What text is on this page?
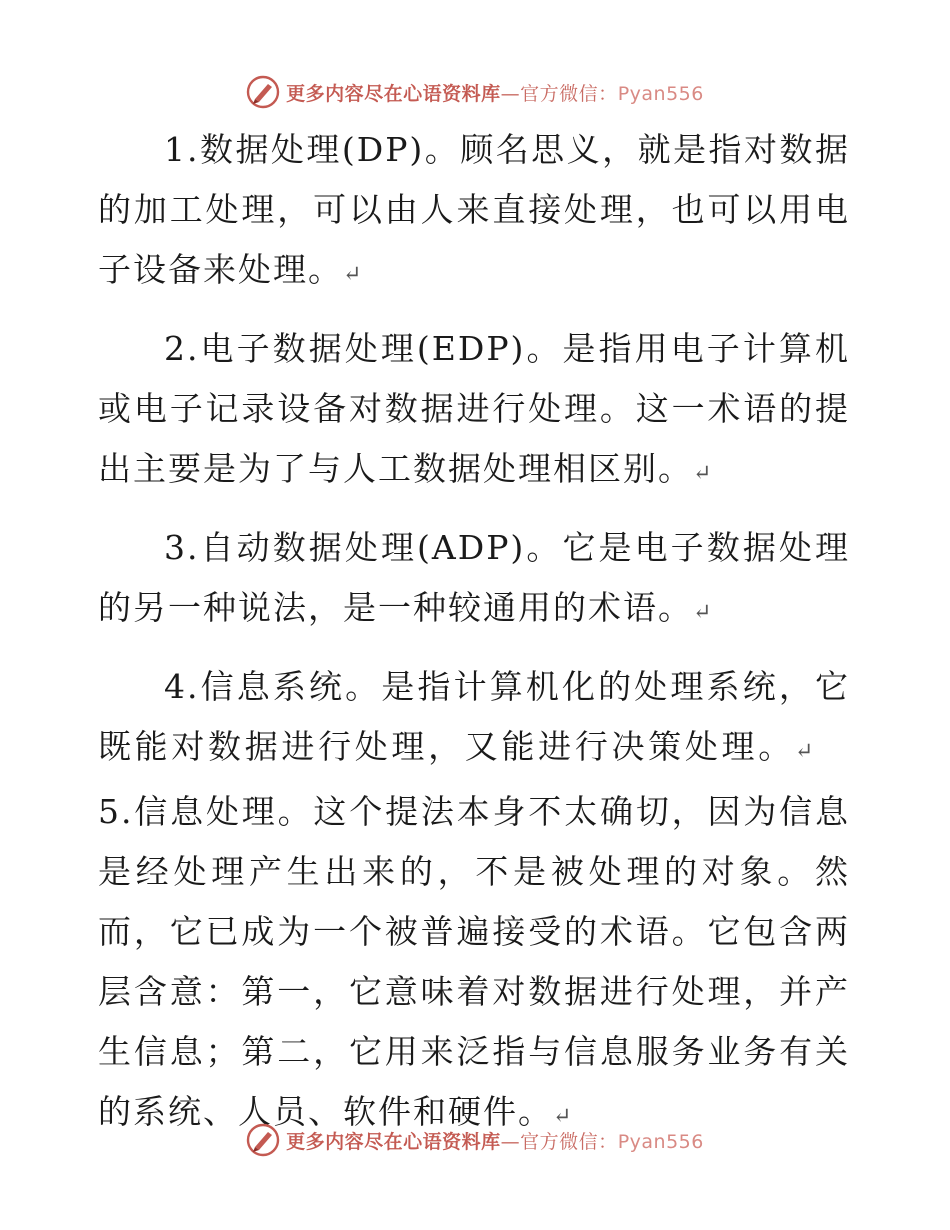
更多内容尽在心语资料库—官方微信：Pyan556

1.数据处理(DP)。顾名思义，就是指对数据的加工处理，可以由人来直接处理，也可以用电子设备来处理。↵

2.电子数据处理(EDP)。是指用电子计算机或电子记录设备对数据进行处理。这一术语的提出主要是为了与人工数据处理相区别。↵

3.自动数据处理(ADP)。它是电子数据处理的另一种说法，是一种较通用的术语。↵

4.信息系统。是指计算机化的处理系统，它既能对数据进行处理，又能进行决策处理。↵　5.信息处理。这个提法本身不太确切，因为信息是经处理产生出来的，不是被处理的对象。然而，它已成为一个被普遍接受的术语。它包含两层含意：第一，它意味着对数据进行处理，并产生信息；第二，它用来泛指与信息服务业务有关的系统、人员、软件和硬件。↵

更多内容尽在心语资料库—官方微信：Pyan556
